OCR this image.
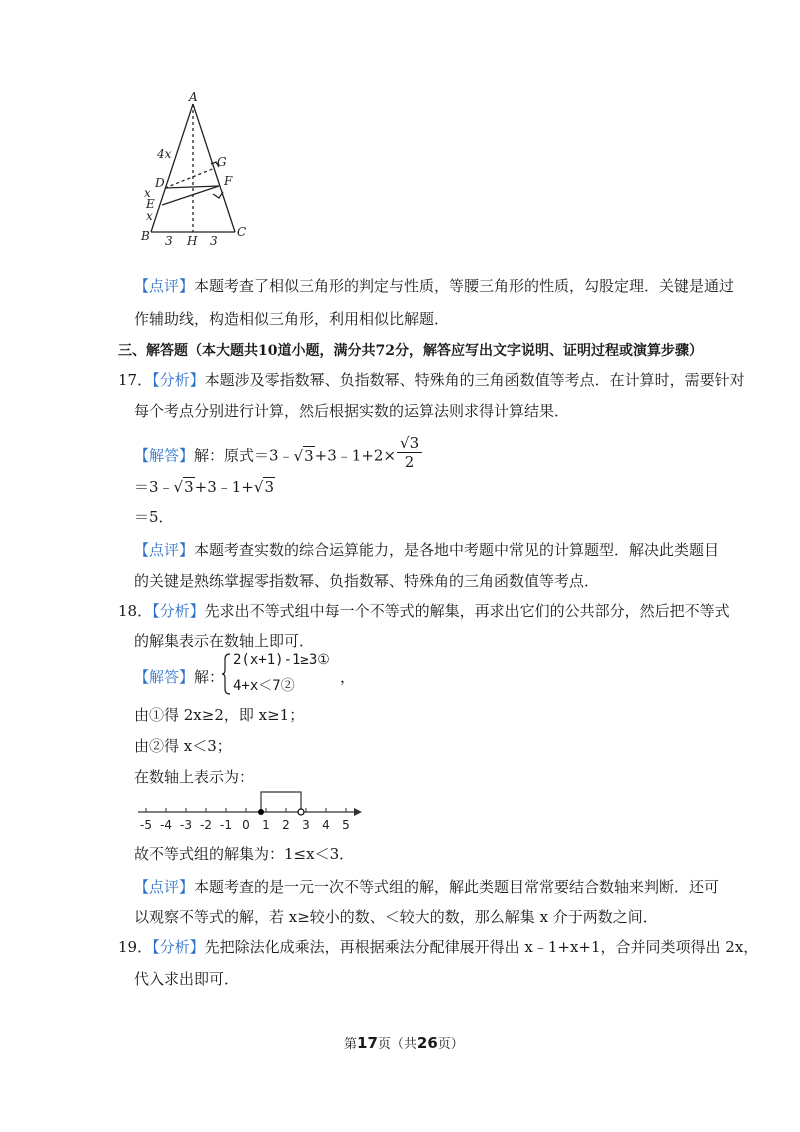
A
4x
G
D	F
x
E
x
B 3 H 3
C
【点评】本题考查了相似三角形的判定与性质，等腰三角形的性质，勾股定理．关键是通过
作辅助线，构造相似三角形，利用相似比解题．
三、解答题（本大题共10道小题，满分共72分，解答应写出文字说明、证明过程或演算步骤）
17．【分析】本题涉及零指数幂、负指数幂、特殊角的三角函数值等考点．在计算时，需要针对
每个考点分别进行计算，然后根据实数的运算法则求得计算结果．
【解答】解：原式＝3﹣√3+3﹣1+2× $\frac{√3}{2}$
＝3﹣√3+3﹣1+√3
＝5．
【点评】本题考查实数的综合运算能力，是各地中考题中常见的计算题型．解决此类题目
的关键是熟练掌握零指数幂、负指数幂、特殊角的三角函数值等考点．
18．【分析】先求出不等式组中每一个不等式的解集，再求出它们的公共部分，然后把不等式
的解集表示在数轴上即可．
【解答】解：
2(x+1)-1≥3①
4+x＜7②	，
由①得 2x≥2，即 x≥1；
由②得 x＜3；
在数轴上表示为：
-5 -4 -3 -2 -1 0 1 2 3 4 5
故不等式组的解集为：1≤x＜3．
【点评】本题考查的是一元一次不等式组的解，解此类题目常常要结合数轴来判断．还可
以观察不等式的解，若 x≥较小的数、＜较大的数，那么解集 x 介于两数之间．
19．【分析】先把除法化成乘法，再根据乘法分配律展开得出 x﹣1+x+1，合并同类项得出 2x，
代入求出即可．
第17页（共26页）
